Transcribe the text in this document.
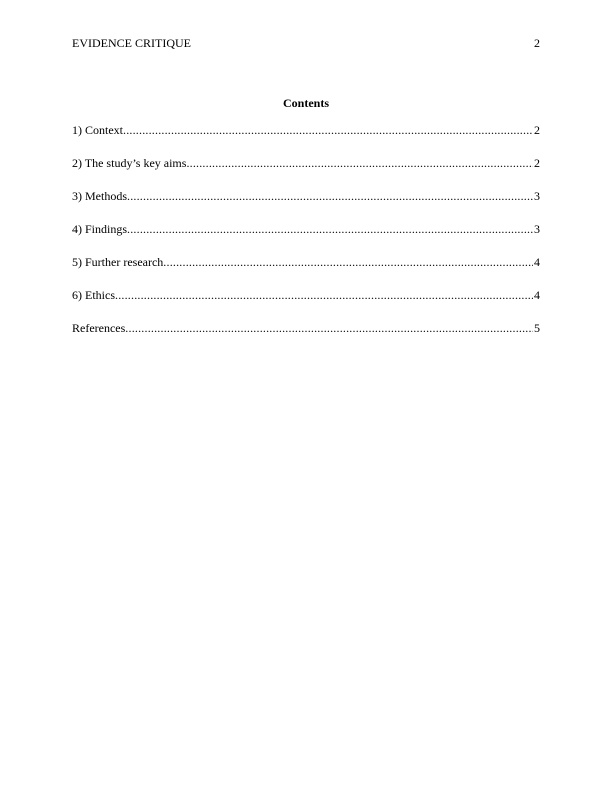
EVIDENCE CRITIQUE	2
Contents
1) Context .....	2
2) The study’s key aims .....	2
3) Methods .....	3
4) Findings .....	3
5) Further research .....	4
6) Ethics .....	4
References .....	5
